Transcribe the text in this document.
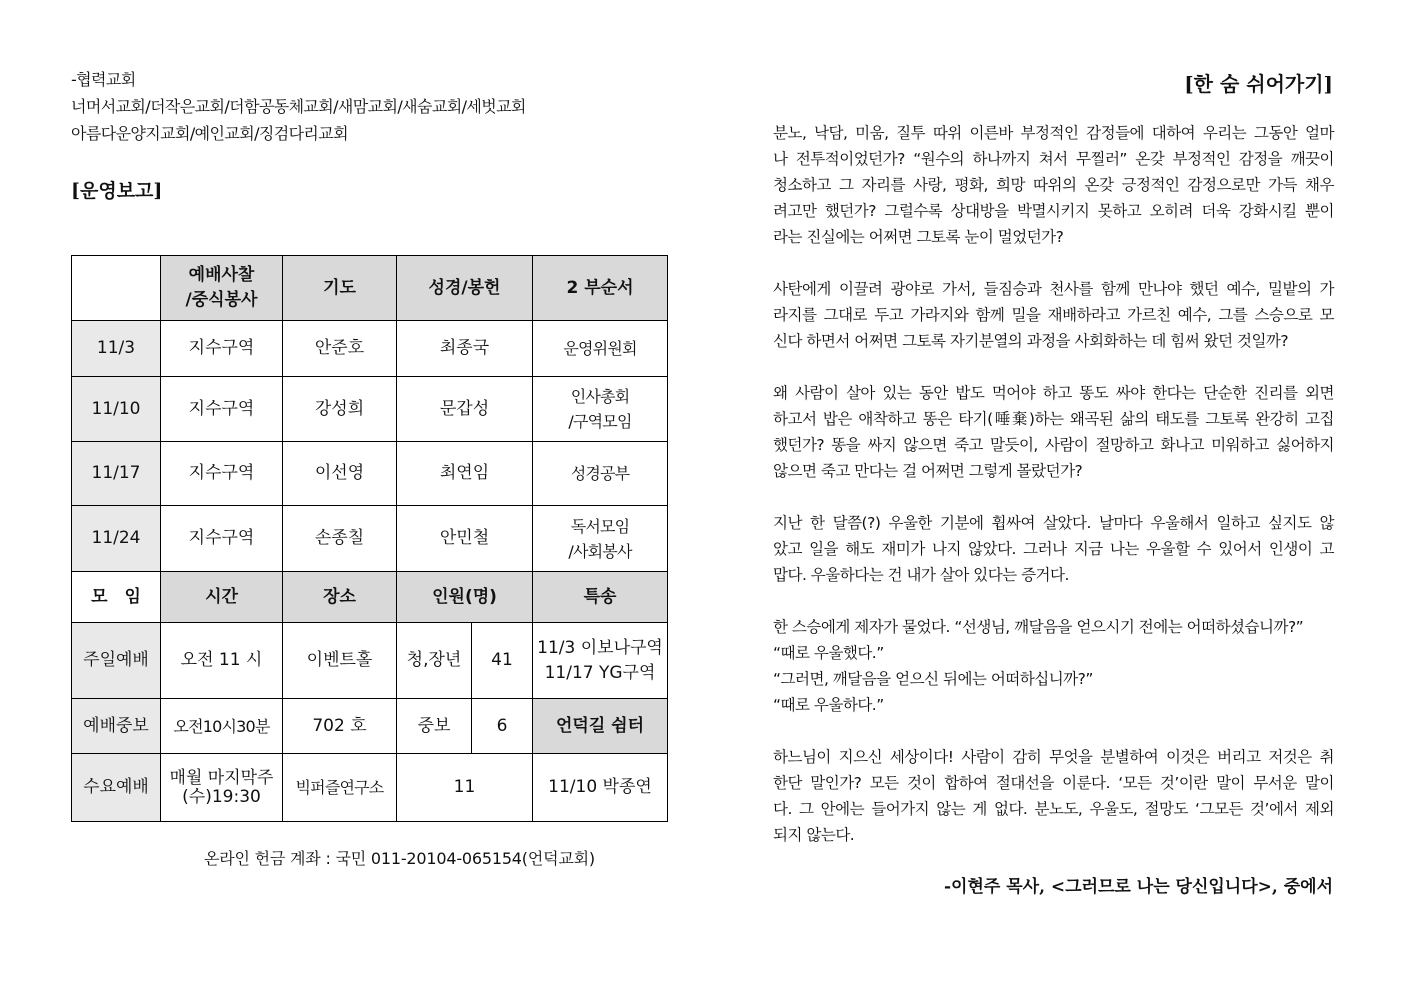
-협력교회
너머서교회/더작은교회/더함공동체교회/새맘교회/새숨교회/세벗교회
아름다운양지교회/예인교회/징검다리교회
[운영보고]

	예배사찰
/중식봉사	기도	성경/봉헌		2 부순서
11/3	지수구역	안준호	최종국		운영위원회
11/10	지수구역	강성희	문갑성		인사총회
/구역모임

11/17	지수구역	이선영	최연임		성경공부
11/24	지수구역	손종칠	안민철		독서모임
/사회봉사

모　임	시간	장소	인원(명)		특송
주일예배	오전 11 시	이벤트홀	청,장년	41	11/3 이보나구역
11/17 YG구역

예배중보	오전10시30분	702 호	중보	6	언덕길 쉼터
수요예배	매월 마지막주
(수)19:30	빅퍼즐연구소	11		11/10 박종연
온라인 헌금 계좌 : 국민 011-20104-065154(언덕교회)
[한 숨 쉬어가기]
분노, 낙담, 미움, 질투 따위 이른바 부정적인 감정들에 대하여 우리는 그동안 얼마
나 전투적이었던가? “원수의 하나까지 쳐서 무찔러” 온갖 부정적인 감정을 깨끗이
청소하고 그 자리를 사랑, 평화, 희망 따위의 온갖 긍정적인 감정으로만 가득 채우
려고만 했던가? 그럴수록 상대방을 박멸시키지 못하고 오히려 더욱 강화시킬 뿐이
라는 진실에는 어쩌면 그토록 눈이 멀었던가?
사탄에게 이끌려 광야로 가서, 들짐승과 천사를 함께 만나야 했던 예수, 밀밭의 가
라지를 그대로 두고 가라지와 함께 밀을 재배하라고 가르친 예수, 그를 스승으로 모
신다 하면서 어쩌면 그토록 자기분열의 과정을 사회화하는 데 힘써 왔던 것일까?
왜 사람이 살아 있는 동안 밥도 먹어야 하고 똥도 싸야 한다는 단순한 진리를 외면
하고서 밥은 애착하고 똥은 타기(唾棄)하는 왜곡된 삶의 태도를 그토록 완강히 고집
했던가? 똥을 싸지 않으면 죽고 말듯이, 사람이 절망하고 화나고 미워하고 싫어하지
않으면 죽고 만다는 걸 어쩌면 그렇게 몰랐던가?
지난 한 달쯤(?) 우울한 기분에 휩싸여 살았다. 날마다 우울해서 일하고 싶지도 않
았고 일을 해도 재미가 나지 않았다. 그러나 지금 나는 우울할 수 있어서 인생이 고
맙다. 우울하다는 건 내가 살아 있다는 증거다.
한 스승에게 제자가 물었다. “선생님, 깨달음을 얻으시기 전에는 어떠하셨습니까?”
“때로 우울했다.”
“그러면, 깨달음을 얻으신 뒤에는 어떠하십니까?”
“때로 우울하다.”
하느님이 지으신 세상이다! 사람이 감히 무엇을 분별하여 이것은 버리고 저것은 취
한단 말인가? 모든 것이 합하여 절대선을 이룬다. ‘모든 것’이란 말이 무서운 말이
다. 그 안에는 들어가지 않는 게 없다. 분노도, 우울도, 절망도 ‘그모든 것’에서 제외
되지 않는다.
-이현주 목사, <그러므로 나는 당신입니다>, 중에서
